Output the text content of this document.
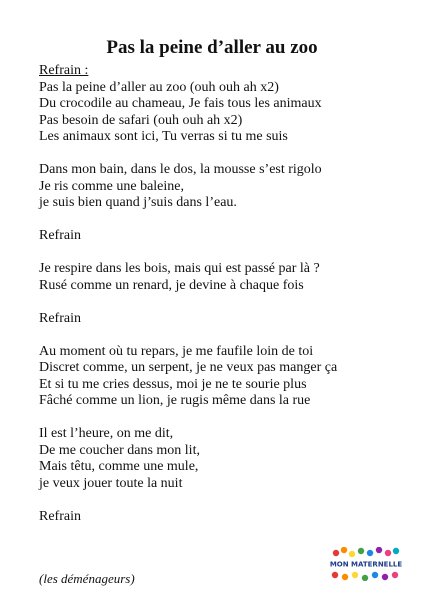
Pas la peine d’aller au zoo
Refrain :
Pas la peine d’aller au zoo (ouh ouh ah x2)
Du crocodile au chameau, Je fais tous les animaux
Pas besoin de safari (ouh ouh ah x2)
Les animaux sont ici, Tu verras si tu me suis
Dans mon bain, dans le dos, la mousse s’est rigolo
Je ris comme une baleine,
je suis bien quand j’suis dans l’eau.
Refrain
Je respire dans les bois, mais qui est passé par là ?
Rusé comme un renard, je devine à chaque fois
Refrain
Au moment où tu repars, je me faufile loin de toi
Discret comme, un serpent, je ne veux pas manger ça
Et si tu me cries dessus, moi je ne te sourie plus
Fâché comme un lion, je rugis même dans la rue
Il est l’heure, on me dit,
De me coucher dans mon lit,
Mais têtu, comme une mule,
je veux jouer toute la nuit
Refrain
(les déménageurs)
MON MATERNELLE
